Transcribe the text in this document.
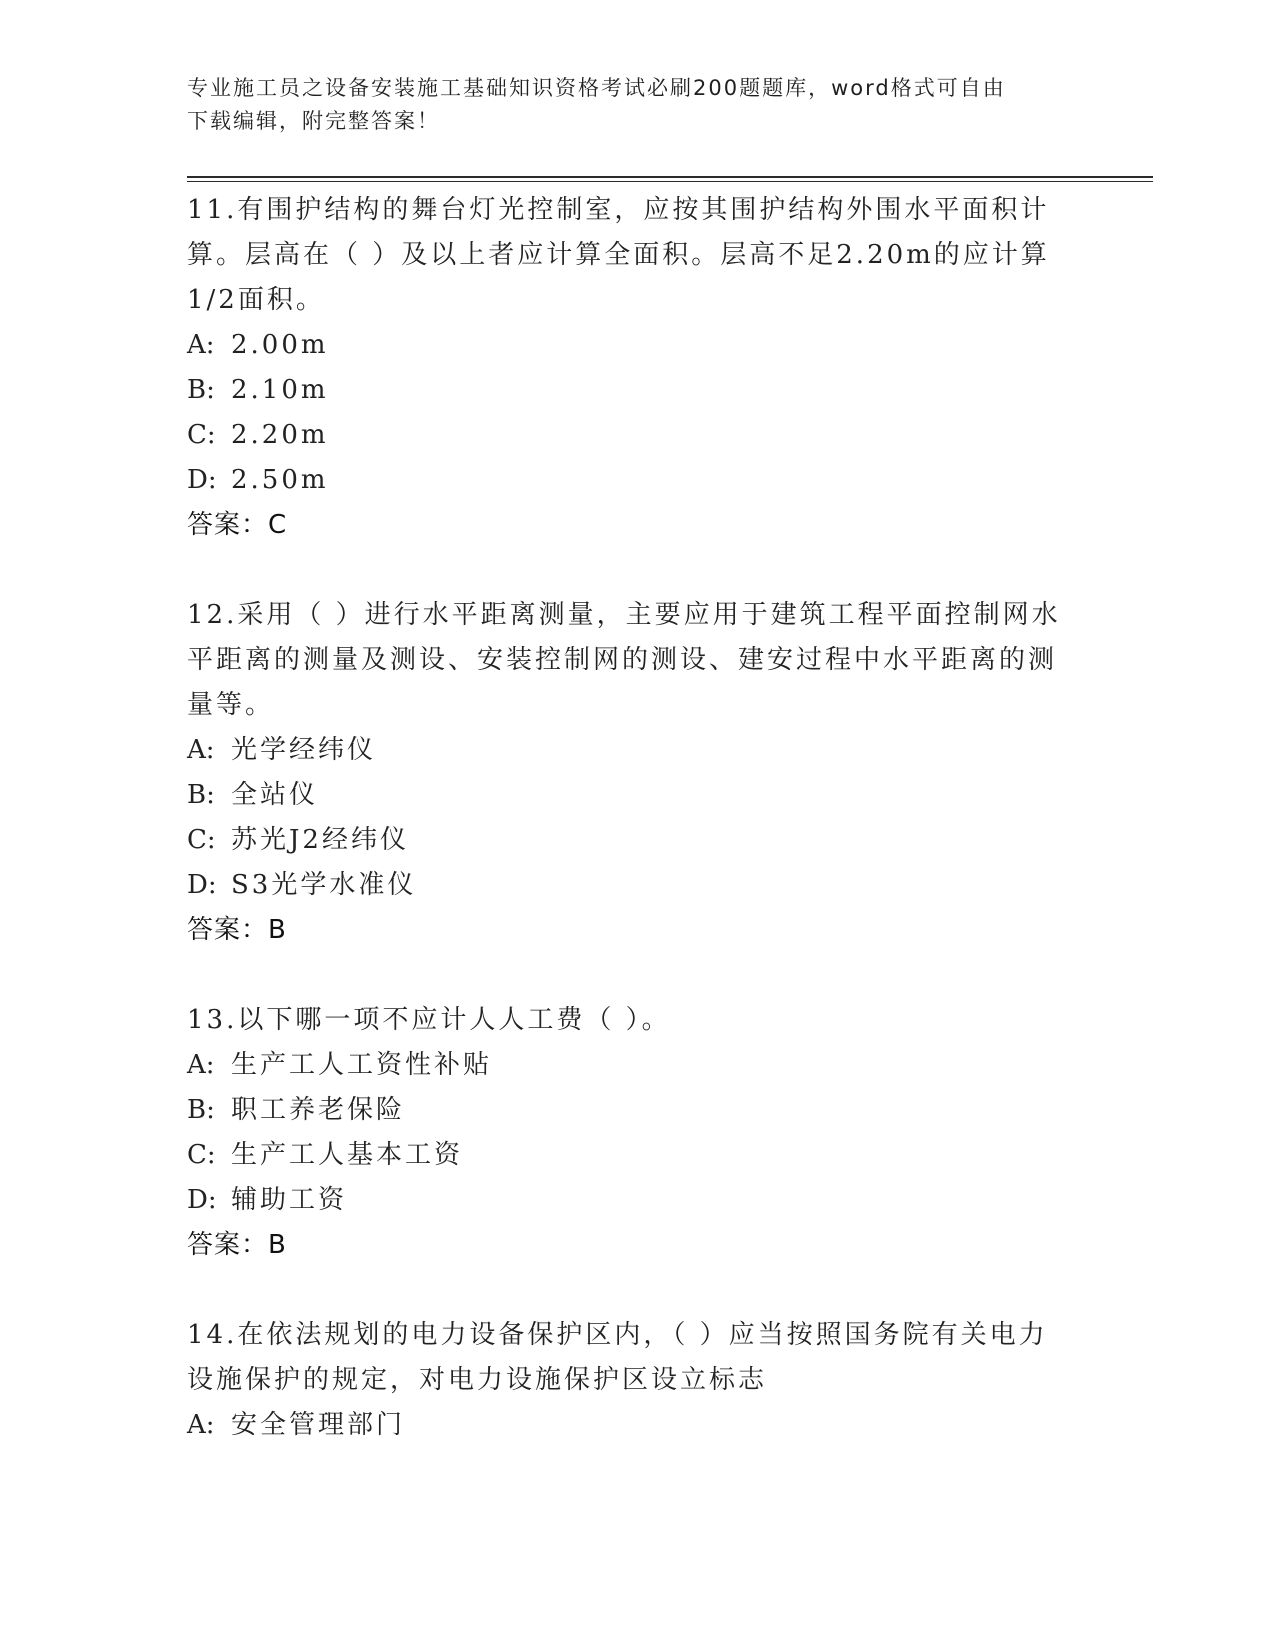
专业施工员之设备安装施工基础知识资格考试必刷200题题库，word格式可自由
下载编辑，附完整答案！
11.有围护结构的舞台灯光控制室，应按其围护结构外围水平面积计算。层高在（ ）及以上者应计算全面积。层高不足2.20m的应计算1/2面积。
A: 2.00m
B: 2.10m
C: 2.20m
D: 2.50m
答案：C
12.采用（ ）进行水平距离测量，主要应用于建筑工程平面控制网水平距离的测量及测设、安装控制网的测设、建安过程中水平距离的测量等。
A: 光学经纬仪
B: 全站仪
C: 苏光J2经纬仪
D: S3光学水准仪
答案：B
13.以下哪一项不应计人人工费（ ）。
A: 生产工人工资性补贴
B: 职工养老保险
C: 生产工人基本工资
D: 辅助工资
答案：B
14.在依法规划的电力设备保护区内，（ ）应当按照国务院有关电力设施保护的规定，对电力设施保护区设立标志
A: 安全管理部门
